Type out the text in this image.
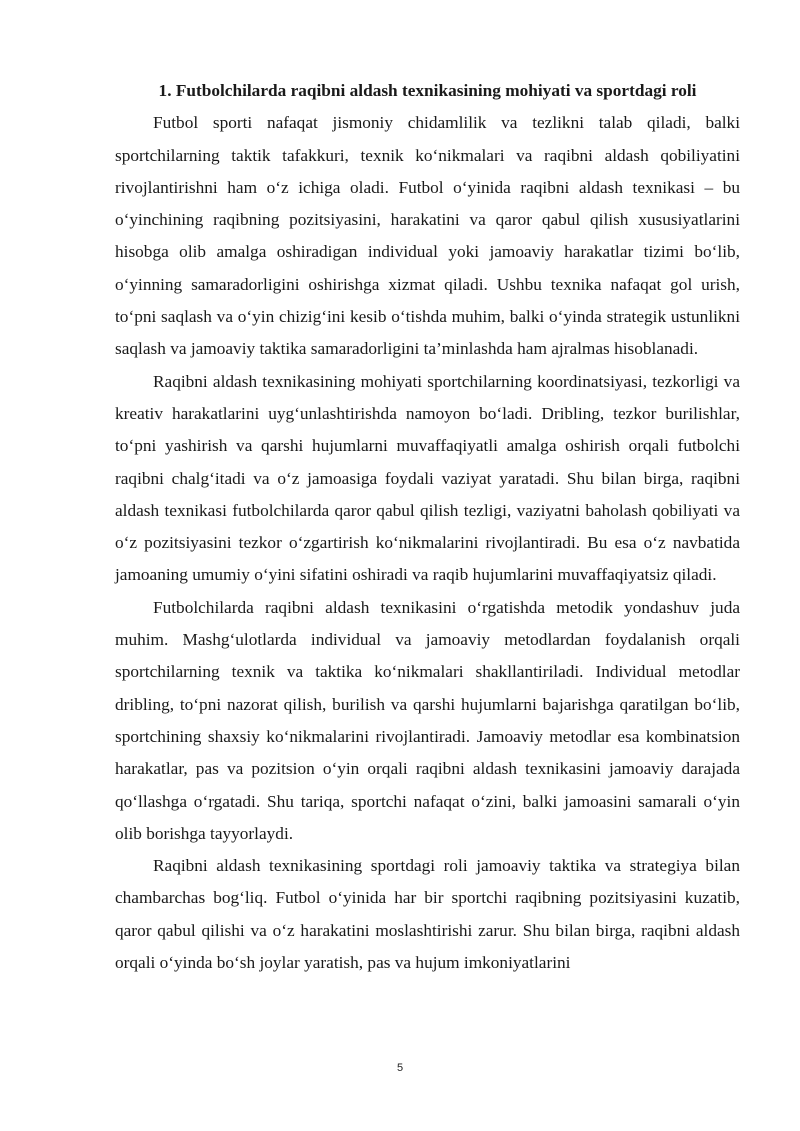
1. Futbolchilarda raqibni aldash texnikasining mohiyati va sportdagi roli

Futbol sporti nafaqat jismoniy chidamlilik va tezlikni talab qiladi, balki sportchilarning taktik tafakkuri, texnik ko‘nikmalari va raqibni aldash qobiliyatini rivojlantirishni ham o‘z ichiga oladi. Futbol o‘yinida raqibni aldash texnikasi – bu o‘yinchining raqibning pozitsiyasini, harakatini va qaror qabul qilish xususiyatlarini hisobga olib amalga oshiradigan individual yoki jamoaviy harakatlar tizimi bo‘lib, o‘yinning samaradorligini oshirishga xizmat qiladi. Ushbu texnika nafaqat gol urish, to‘pni saqlash va o‘yin chizig‘ini kesib o‘tishda muhim, balki o‘yinda strategik ustunlikni saqlash va jamoaviy taktika samaradorligini ta’minlashda ham ajralmas hisoblanadi.

Raqibni aldash texnikasining mohiyati sportchilarning koordinatsiyasi, tezkorligi va kreativ harakatlarini uyg‘unlashtirishda namoyon bo‘ladi. Dribling, tezkor burilishlar, to‘pni yashirish va qarshi hujumlarni muvaffaqiyatli amalga oshirish orqali futbolchi raqibni chalg‘itadi va o‘z jamoasiga foydali vaziyat yaratadi. Shu bilan birga, raqibni aldash texnikasi futbolchilarda qaror qabul qilish tezligi, vaziyatni baholash qobiliyati va o‘z pozitsiyasini tezkor o‘zgartirish ko‘nikmalarini rivojlantiradi. Bu esa o‘z navbatida jamoaning umumiy o‘yini sifatini oshiradi va raqib hujumlarini muvaffaqiyatsiz qiladi.

Futbolchilarda raqibni aldash texnikasini o‘rgatishda metodik yondashuv juda muhim. Mashg‘ulotlarda individual va jamoaviy metodlardan foydalanish orqali sportchilarning texnik va taktika ko‘nikmalari shakllantiriladi. Individual metodlar dribling, to‘pni nazorat qilish, burilish va qarshi hujumlarni bajarishga qaratilgan bo‘lib, sportchining shaxsiy ko‘nikmalarini rivojlantiradi. Jamoaviy metodlar esa kombinatsion harakatlar, pas va pozitsion o‘yin orqali raqibni aldash texnikasini jamoaviy darajada qo‘llashga o‘rgatadi. Shu tariqa, sportchi nafaqat o‘zini, balki jamoasini samarali o‘yin olib borishga tayyorlaydi.

Raqibni aldash texnikasining sportdagi roli jamoaviy taktika va strategiya bilan chambarchas bog‘liq. Futbol o‘yinida har bir sportchi raqibning pozitsiyasini kuzatib, qaror qabul qilishi va o‘z harakatini moslashtirishi zarur. Shu bilan birga, raqibni aldash orqali o‘yinda bo‘sh joylar yaratish, pas va hujum imkoniyatlarini

5
